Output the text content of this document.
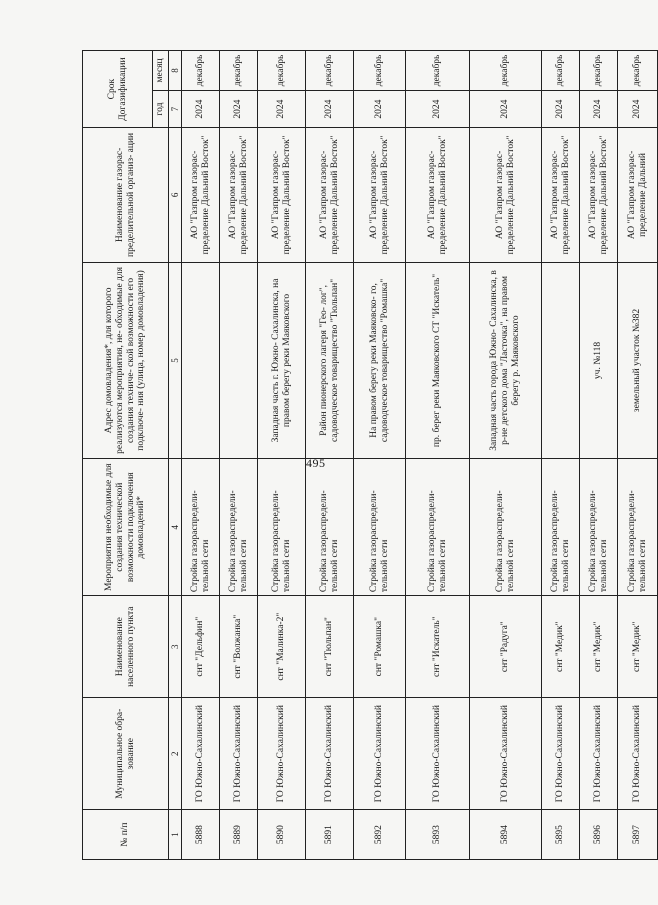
495
№ п/п	Муниципальное обра- зование	Наименование населенного пункта	Мероприятия необходимые для создания технической возможности подключения домовладений*	Адрес домовладения*, для которого реализуются мероприятия, не- обходимые для создания техниче- ской возможности его подключе- ния (улица, номер домовладения)	Наименование газорас- пределительной организ- ации	Срок Догазификации	
						год	месяц
1	2	3	4	5	6	7	8
5888	ГО Южно-Сахалинский	снт "Дельфин"	Стройка газораспредели- тельной сети		АО "Газпром газорас- пределение Дальний Восток"	2024	декабрь
5889	ГО Южно-Сахалинский	снт "Волжанка"	Стройка газораспредели- тельной сети		АО "Газпром газорас- пределение Дальний Восток"	2024	декабрь
5890	ГО Южно-Сахалинский	снт "Малинка-2"	Стройка газораспредели- тельной сети	Западная часть г. Южно- Сахалинска, на правом берегу реки Маяковского	АО "Газпром газорас- пределение Дальний Восток"	2024	декабрь
5891	ГО Южно-Сахалинский	снт "Тюльпан"	Стройка газораспредели- тельной сети	Район пионерского лагеря "Гео- лог", садоводческое товарищество "Тюльпан"	АО "Газпром газорас- пределение Дальний Восток"	2024	декабрь
5892	ГО Южно-Сахалинский	снт "Ромашка"	Стройка газораспредели- тельной сети	На правом берегу реки Маяковско- го, садоводческое товарищество "Ромашка"	АО "Газпром газорас- пределение Дальний Восток"	2024	декабрь
5893	ГО Южно-Сахалинский	снт "Искатель"	Стройка газораспредели- тельной сети	пр. берег реки Маяковского СТ "Искатель"	АО "Газпром газорас- пределение Дальний Восток"	2024	декабрь
5894	ГО Южно-Сахалинский	снт "Радуга"	Стройка газораспредели- тельной сети	Западная часть города Южно- Сахалинска, в р-не детского дома "Ласточка", на правом берегу р. Маяковского	АО "Газпром газорас- пределение Дальний Восток"	2024	декабрь
5895	ГО Южно-Сахалинский	снт "Медик"	Стройка газораспредели- тельной сети		АО "Газпром газорас- пределение Дальний Восток"	2024	декабрь
5896	ГО Южно-Сахалинский	снт "Медик"	Стройка газораспредели- тельной сети	уч. №118	АО "Газпром газорас- пределение Дальний Восток"	2024	декабрь
5897	ГО Южно-Сахалинский	снт "Медик"	Стройка газораспредели- тельной сети	земельный участок №382	АО "Газпром газорас- пределение Дальний	2024	декабрь
